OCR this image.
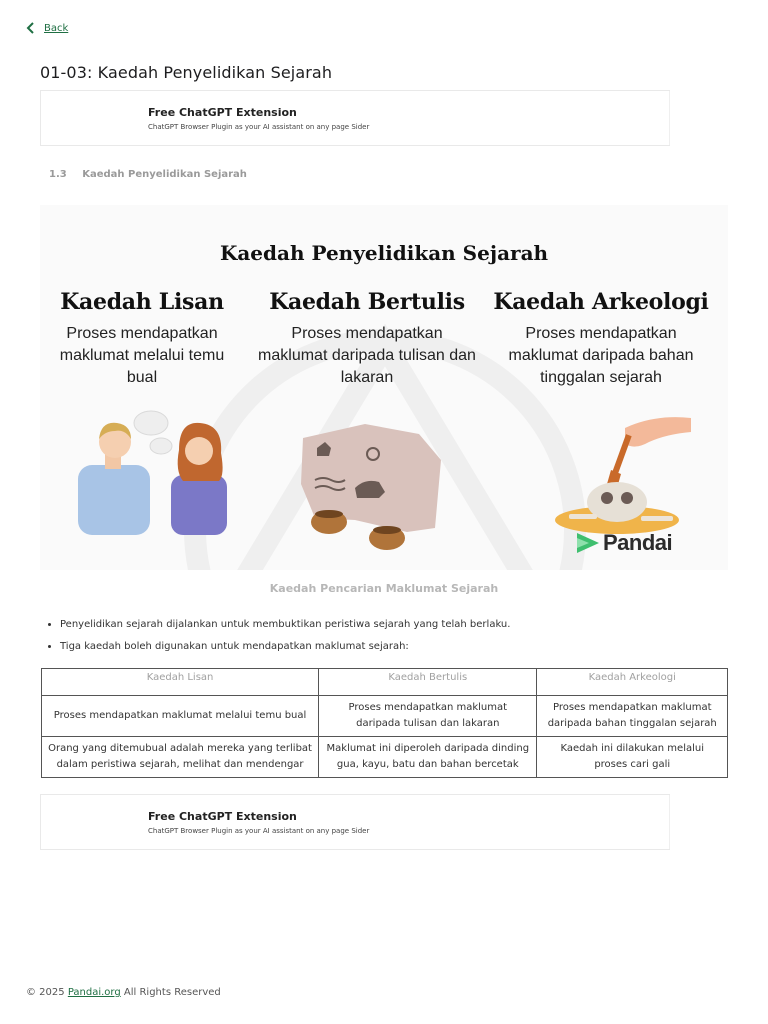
Back
01-03: Kaedah Penyelidikan Sejarah
Free ChatGPT Extension
ChatGPT Browser Plugin as your AI assistant on any page Sider
1.3 Kaedah Penyelidikan Sejarah
Kaedah Penyelidikan Sejarah
Kaedah Lisan

Proses mendapatkan maklumat melalui temu bual

Kaedah Bertulis

Proses mendapatkan maklumat daripada tulisan dan lakaran

Kaedah Arkeologi

Proses mendapatkan maklumat daripada bahan tinggalan sejarah

Pandai
Kaedah Pencarian Maklumat Sejarah
• Penyelidikan sejarah dijalankan untuk membuktikan peristiwa sejarah yang telah berlaku.
• Tiga kaedah boleh digunakan untuk mendapatkan maklumat sejarah:
Kaedah Lisan	Kaedah Bertulis	Kaedah Arkeologi
Proses mendapatkan maklumat melalui temu bual	Proses mendapatkan maklumat daripada tulisan dan lakaran	Proses mendapatkan maklumat daripada bahan tinggalan sejarah
Orang yang ditemubual adalah mereka yang terlibat dalam peristiwa sejarah, melihat dan mendengar	Maklumat ini diperoleh daripada dinding gua, kayu, batu dan bahan bercetak	Kaedah ini dilakukan melalui proses cari gali
Free ChatGPT Extension
ChatGPT Browser Plugin as your AI assistant on any page Sider
© 2025 Pandai.org All Rights Reserved
